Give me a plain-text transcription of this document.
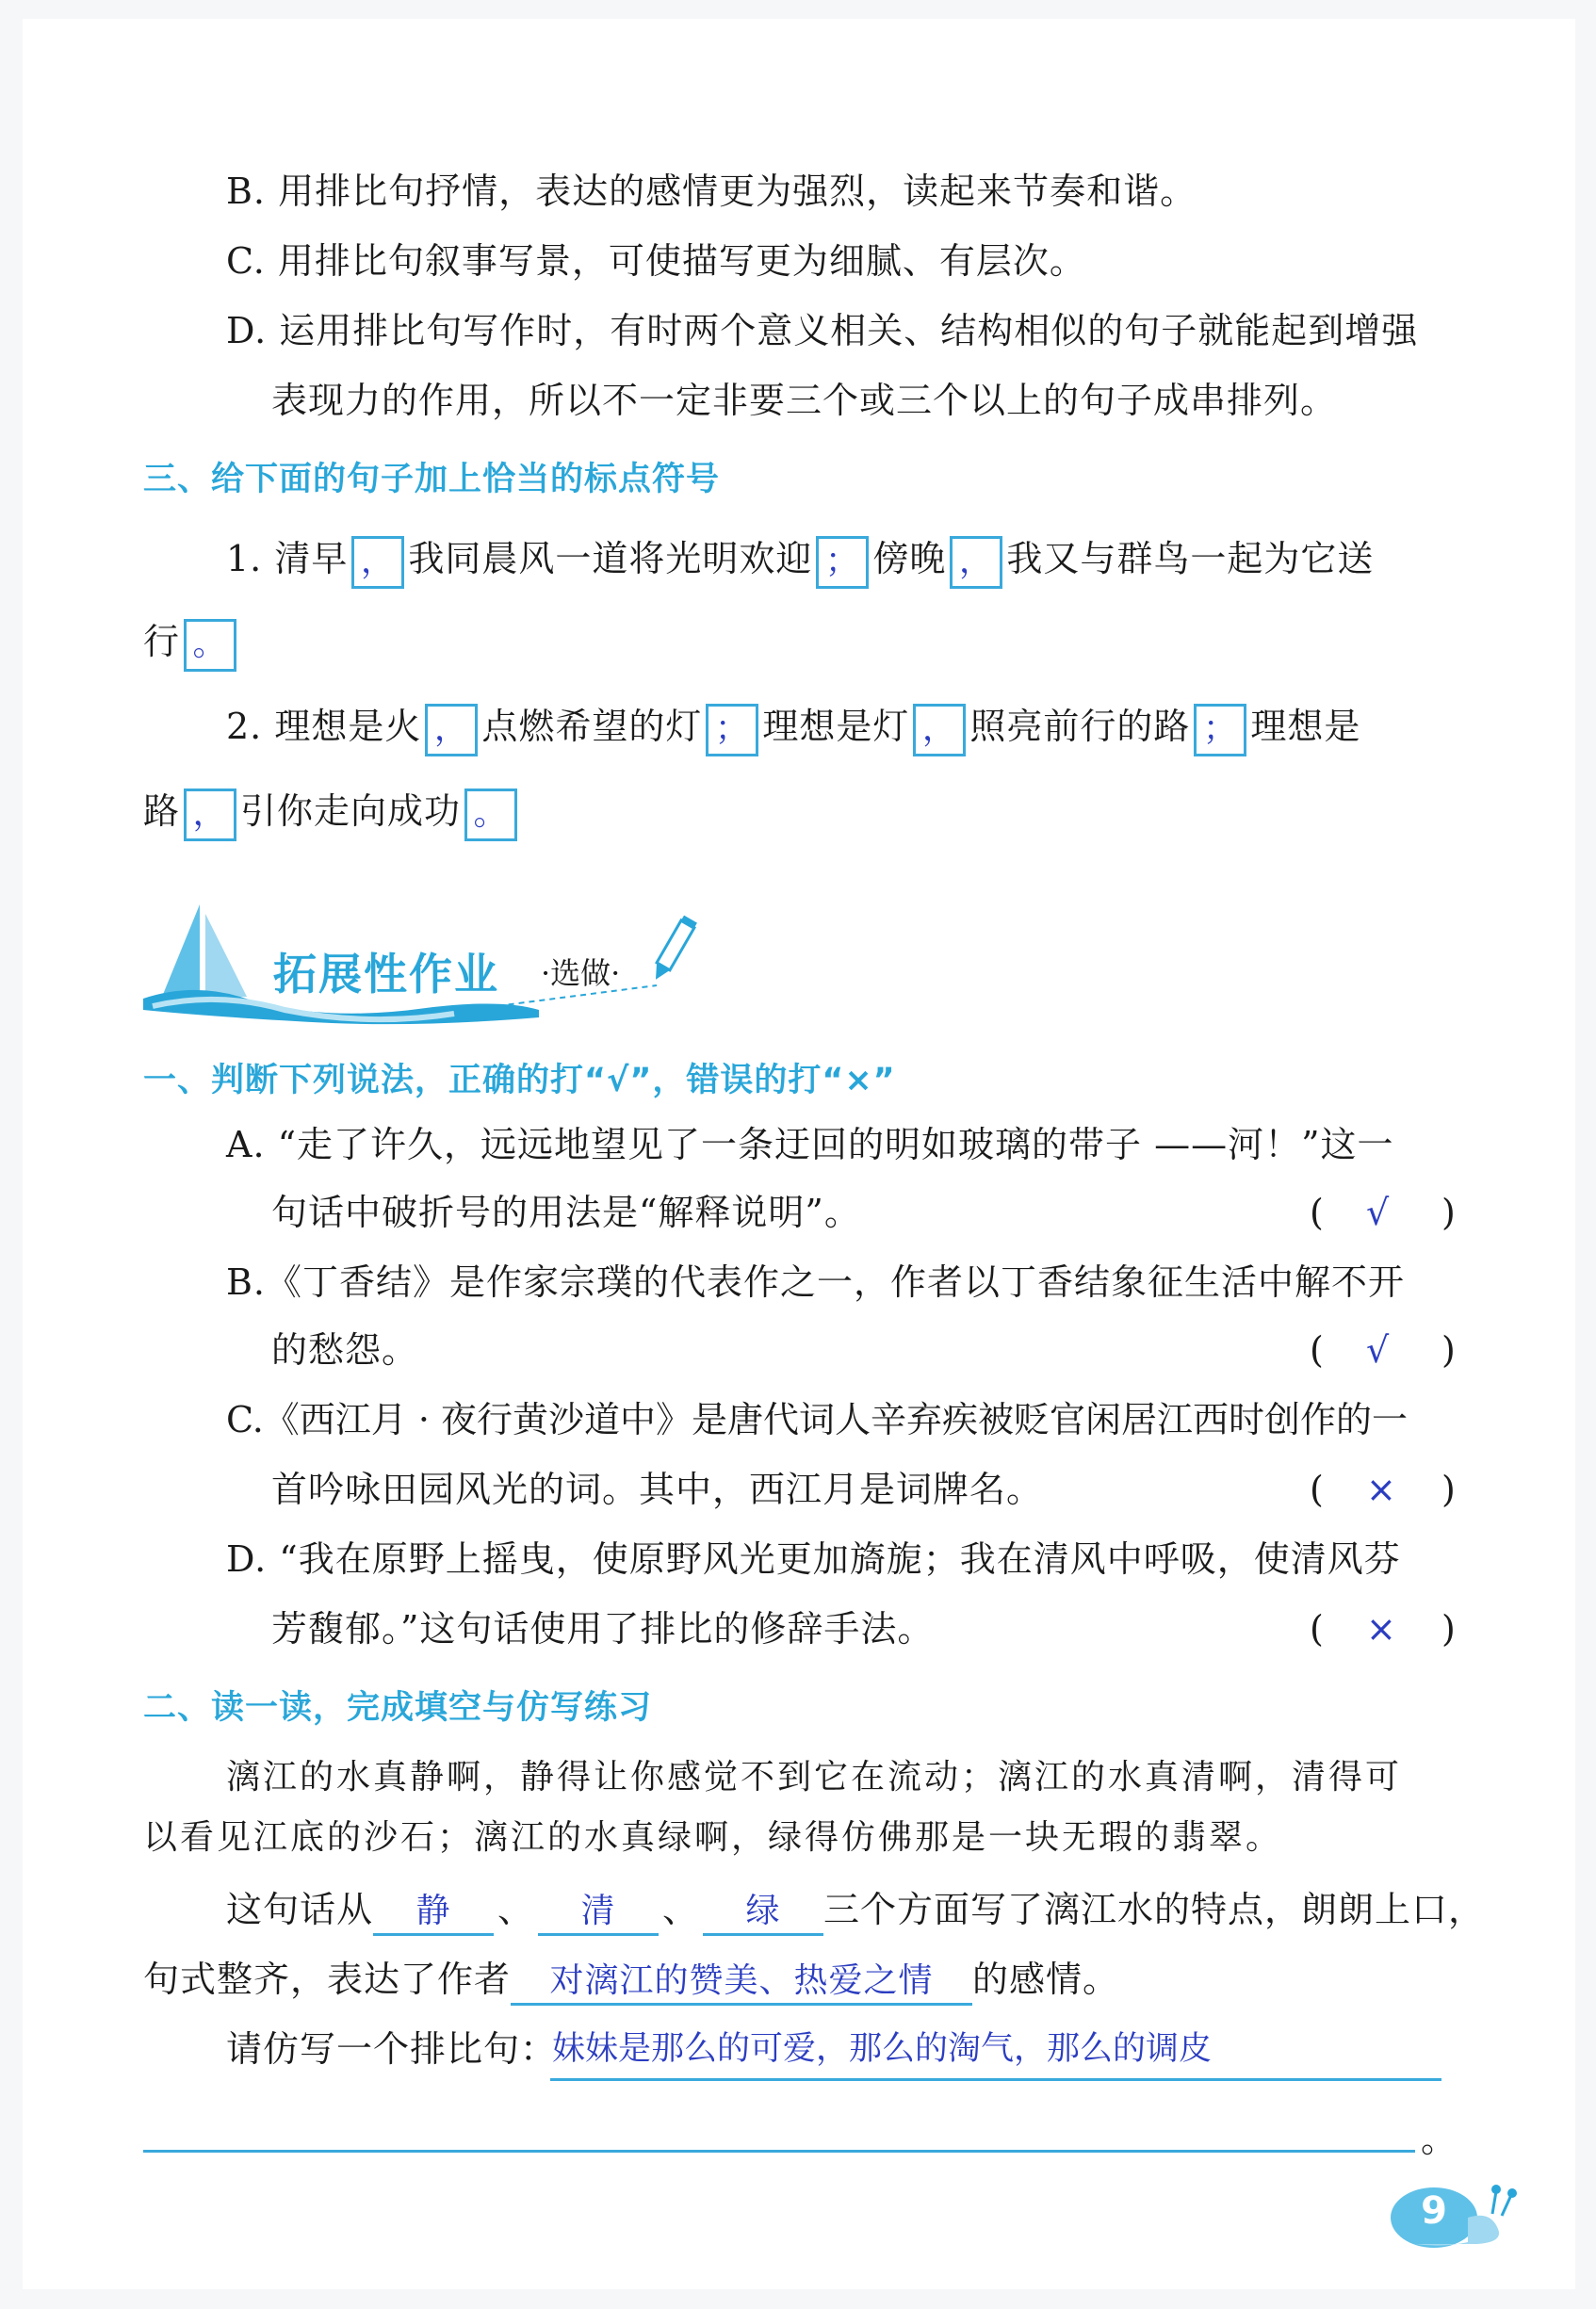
B. 用排比句抒情，表达的感情更为强烈，读起来节奏和谐。
C. 用排比句叙事写景，可使描写更为细腻、有层次。
D. 运用排比句写作时，有时两个意义相关、结构相似的句子就能起到增强
表现力的作用，所以不一定非要三个或三个以上的句子成串排列。
三、给下面的句子加上恰当的标点符号
1. 清早 ， 我同晨风一道将光明欢迎 ； 傍晚 ， 我又与群鸟一起为它送
行 。
2. 理想是火 ， 点燃希望的灯 ； 理想是灯 ， 照亮前行的路 ； 理想是
路 ， 引你走向成功 。
拓展性作业 ·选做·
一、判断下列说法，正确的打“√”，错误的打“×”
A. “走了许久，远远地望见了一条迂回的明如玻璃的带子 ——河！”这一
句话中破折号的用法是“解释说明”。	( √ )
B.《丁香结》是作家宗璞的代表作之一，作者以丁香结象征生活中解不开
的愁怨。	( √ )
C.《西江月 · 夜行黄沙道中》是唐代词人辛弃疾被贬官闲居江西时创作的一
首吟咏田园风光的词。其中，西江月是词牌名。	( × )
D. “我在原野上摇曳，使原野风光更加旖旎；我在清风中呼吸，使清风芬
芳馥郁。”这句话使用了排比的修辞手法。	( × )
二、读一读，完成填空与仿写练习
漓江的水真静啊，静得让你感觉不到它在流动；漓江的水真清啊，清得可
以看见江底的沙石；漓江的水真绿啊，绿得仿佛那是一块无瑕的翡翠。
这句话从 静 、 清 、 绿 三个方面写了漓江水的特点，朗朗上口，
句式整齐，表达了作者 对漓江的赞美、热爱之情 的感情。
请仿写一个排比句：
妹妹是那么的可爱，那么的淘气，那么的调皮
。
9
